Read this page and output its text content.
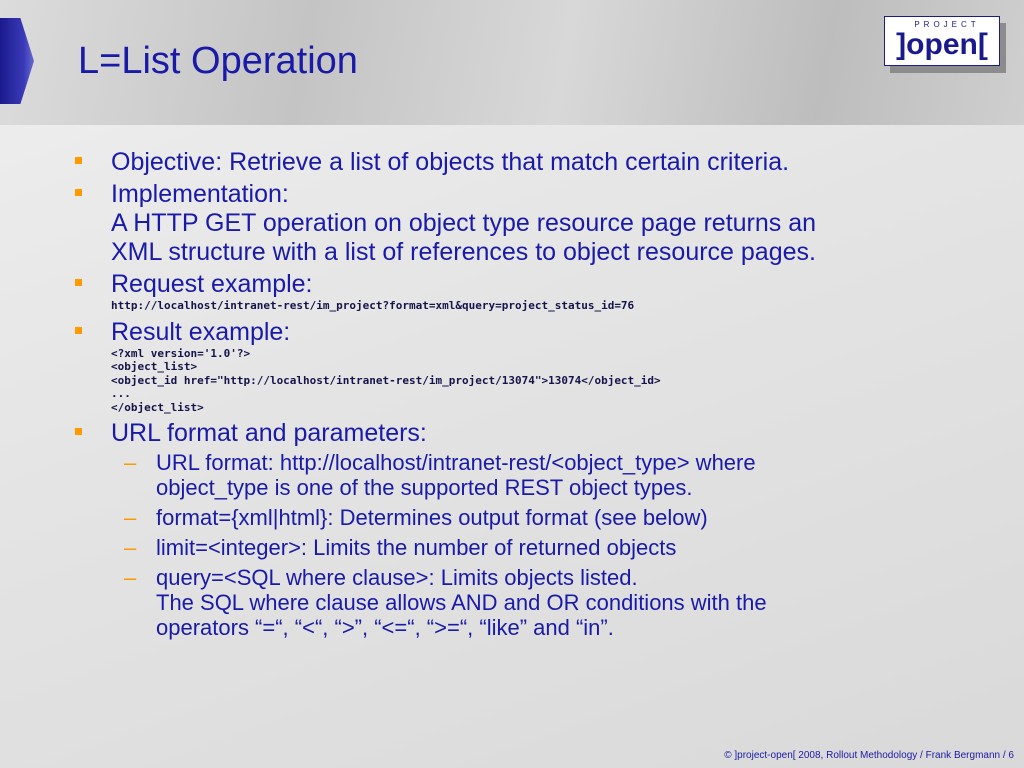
L=List Operation
PROJECT
]open[
Objective: Retrieve a list of objects that match certain criteria.
Implementation:
A HTTP GET operation on object type resource page returns an
XML structure with a list of references to object resource pages.
Request example:
http://localhost/intranet-rest/im_project?format=xml&query=project_status_id=76
Result example:
<?xml version='1.0'?>
<object_list>
<object_id href="http://localhost/intranet-rest/im_project/13074">13074</object_id>
...
</object_list>
URL format and parameters:
– URL format: http://localhost/intranet-rest/<object_type> where
object_type is one of the supported REST object types.
– format={xml|html}: Determines output format (see below)
– limit=<integer>: Limits the number of returned objects
– query=<SQL where clause>: Limits objects listed.
The SQL where clause allows AND and OR conditions with the
operators “=“, “<“, “>”, “<=“, “>=“, “like” and “in”.
© ]project-open[ 2008, Rollout Methodology / Frank Bergmann / 6
